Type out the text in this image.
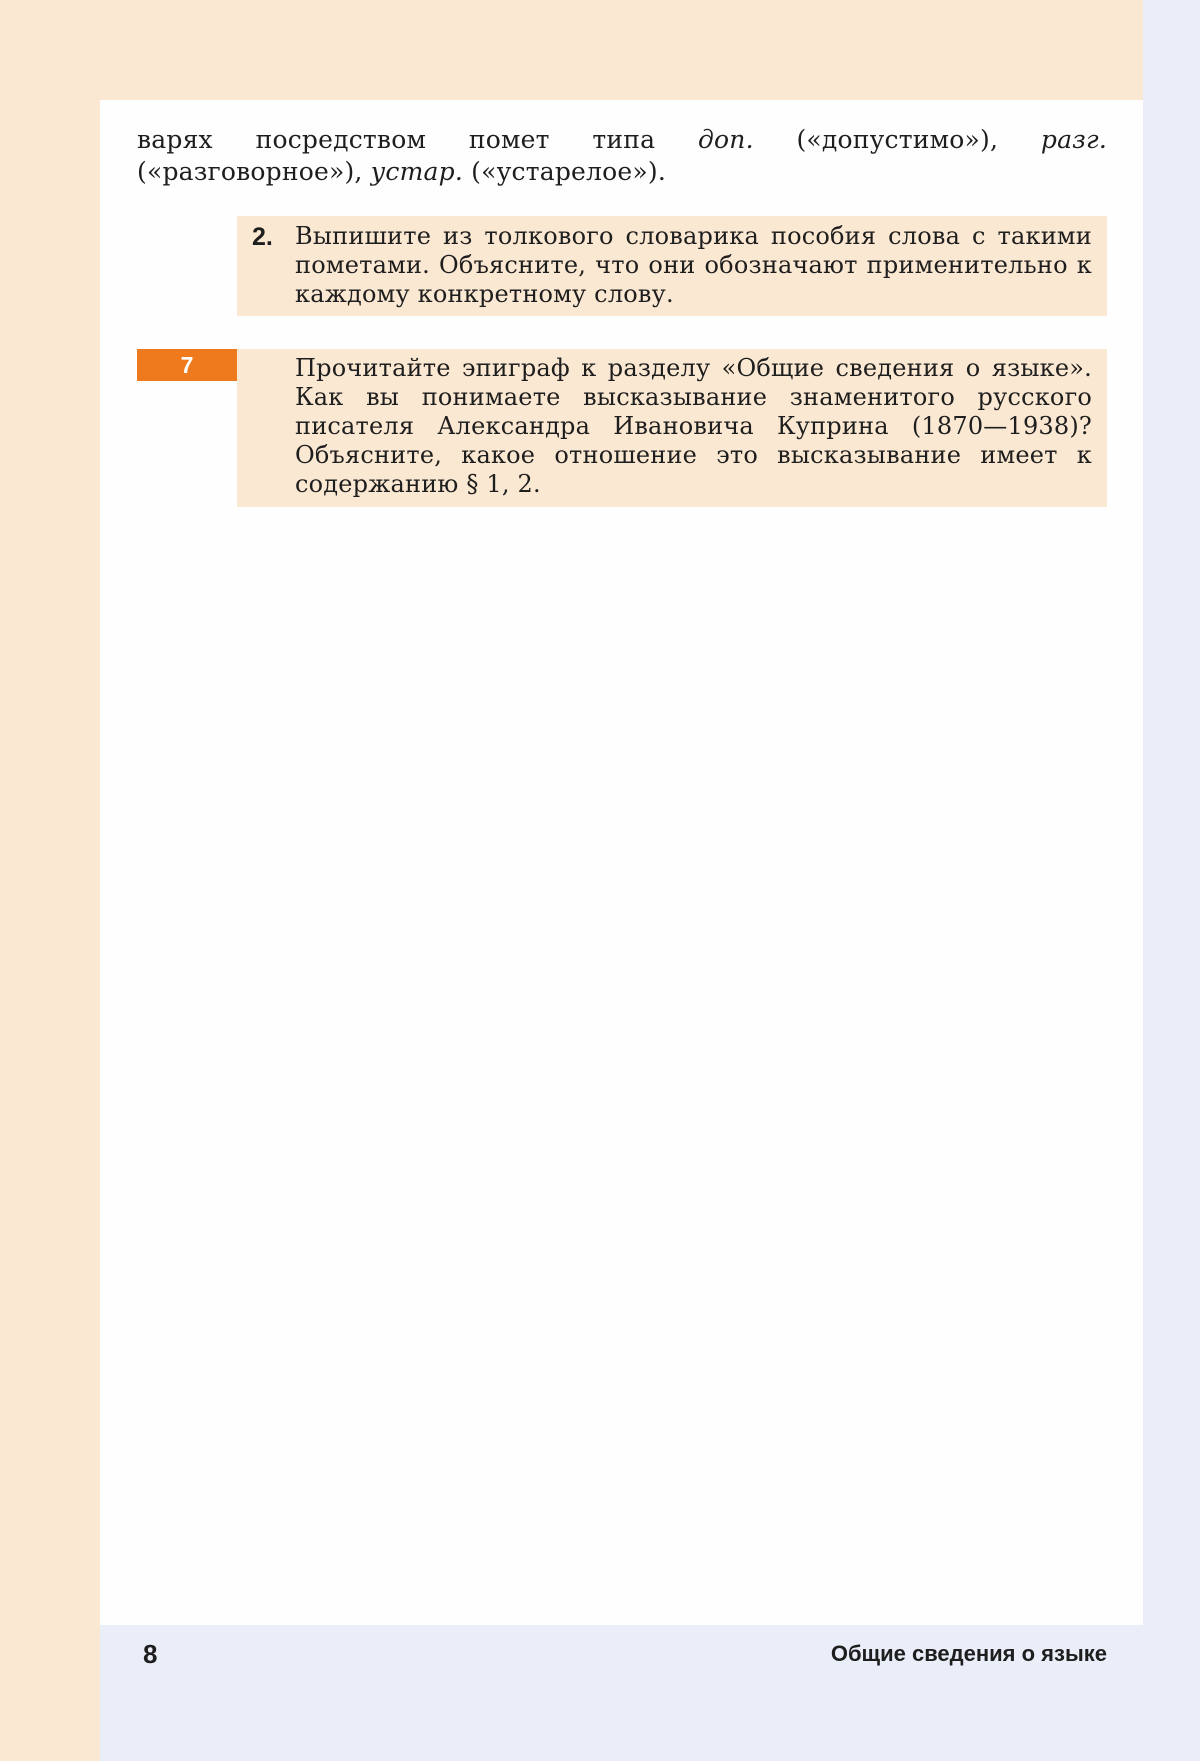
варях посредством помет типа доп. («допустимо»), разг. («разговорное»), устар. («устарелое»).

2. Выпишите из толкового словарика пособия слова с такими пометами. Объясните, что они обозначают применительно к каждому конкретному слову.

7	Прочитайте эпиграф к разделу «Общие сведения о языке». Как вы понимаете высказывание знаменитого русского писателя Александра Ивановича Куприна (1870—1938)? Объясните, какое отношение это высказывание имеет к содержанию § 1, 2.

8	Общие сведения о языке
